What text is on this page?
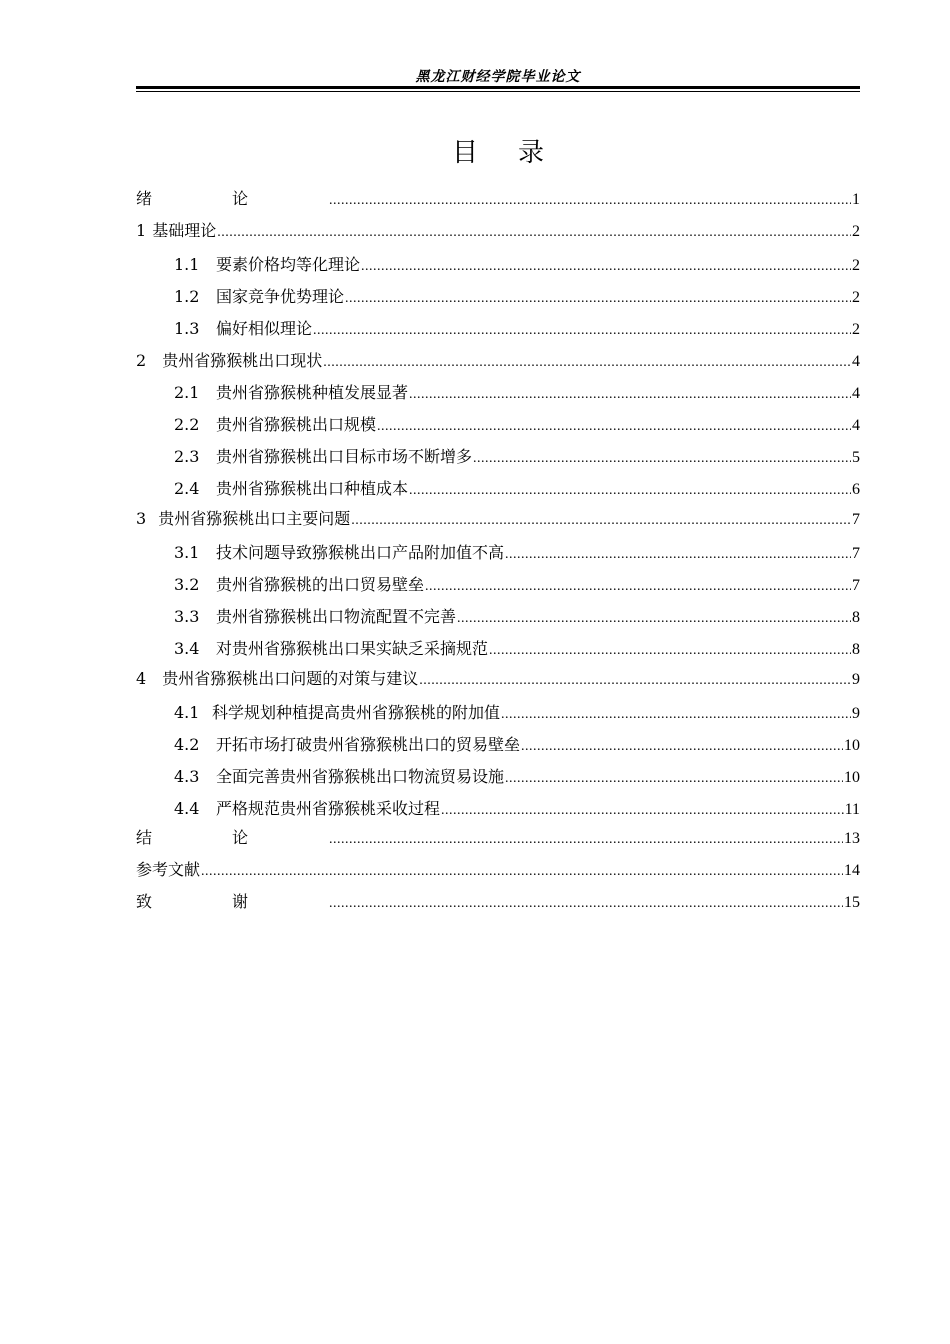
黑龙江财经学院毕业论文
目录
绪论 .....	1
1 基础理论 .....	2
1.1	要素价格均等化理论 .....	2
1.2	国家竞争优势理论 .....	2
1.3	偏好相似理论 .....	2
2 贵州省猕猴桃出口现状 .....	4
2.1	贵州省猕猴桃种植发展显著 .....	4
2.2	贵州省猕猴桃出口规模 .....	4
2.3	贵州省猕猴桃出口目标市场不断增多 .....	5
2.4	贵州省猕猴桃出口种植成本 .....	6
3 贵州省猕猴桃出口主要问题 .....	7
3.1	技术问题导致猕猴桃出口产品附加值不高 .....	7
3.2	贵州省猕猴桃的出口贸易壁垒 .....	7
3.3	贵州省猕猴桃出口物流配置不完善 .....	8
3.4	对贵州省猕猴桃出口果实缺乏采摘规范 .....	8
4 贵州省猕猴桃出口问题的对策与建议 .....	9
4.1 科学规划种植提高贵州省猕猴桃的附加值 .....	9
4.2	开拓市场打破贵州省猕猴桃出口的贸易壁垒 .....	10
4.3	全面完善贵州省猕猴桃出口物流贸易设施 .....	10
4.4	严格规范贵州省猕猴桃采收过程 .....	11
结论 .....	13
参考文献 .....	14
致谢 .....	15
